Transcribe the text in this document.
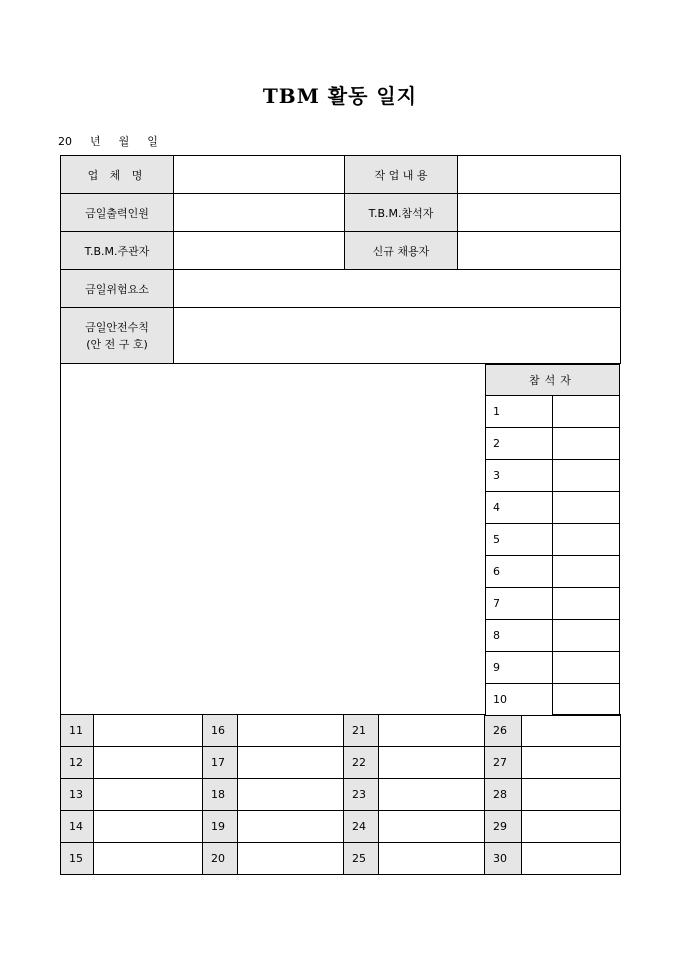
TBM 활동 일지
20 년 월 일
업 체 명		작 업 내 용	
금일출력인원		T.B.M.참석자	
T.B.M.주관자		신규 채용자	
금일위험요소			

금일안전수칙
(안 전 구 호)			

참석자	
1	
2	
3	
4	
5	
6	
7	
8	
9	
10	
11		16		21		26	
12		17		22		27	
13		18		23		28	
14		19		24		29	
15		20		25		30	
